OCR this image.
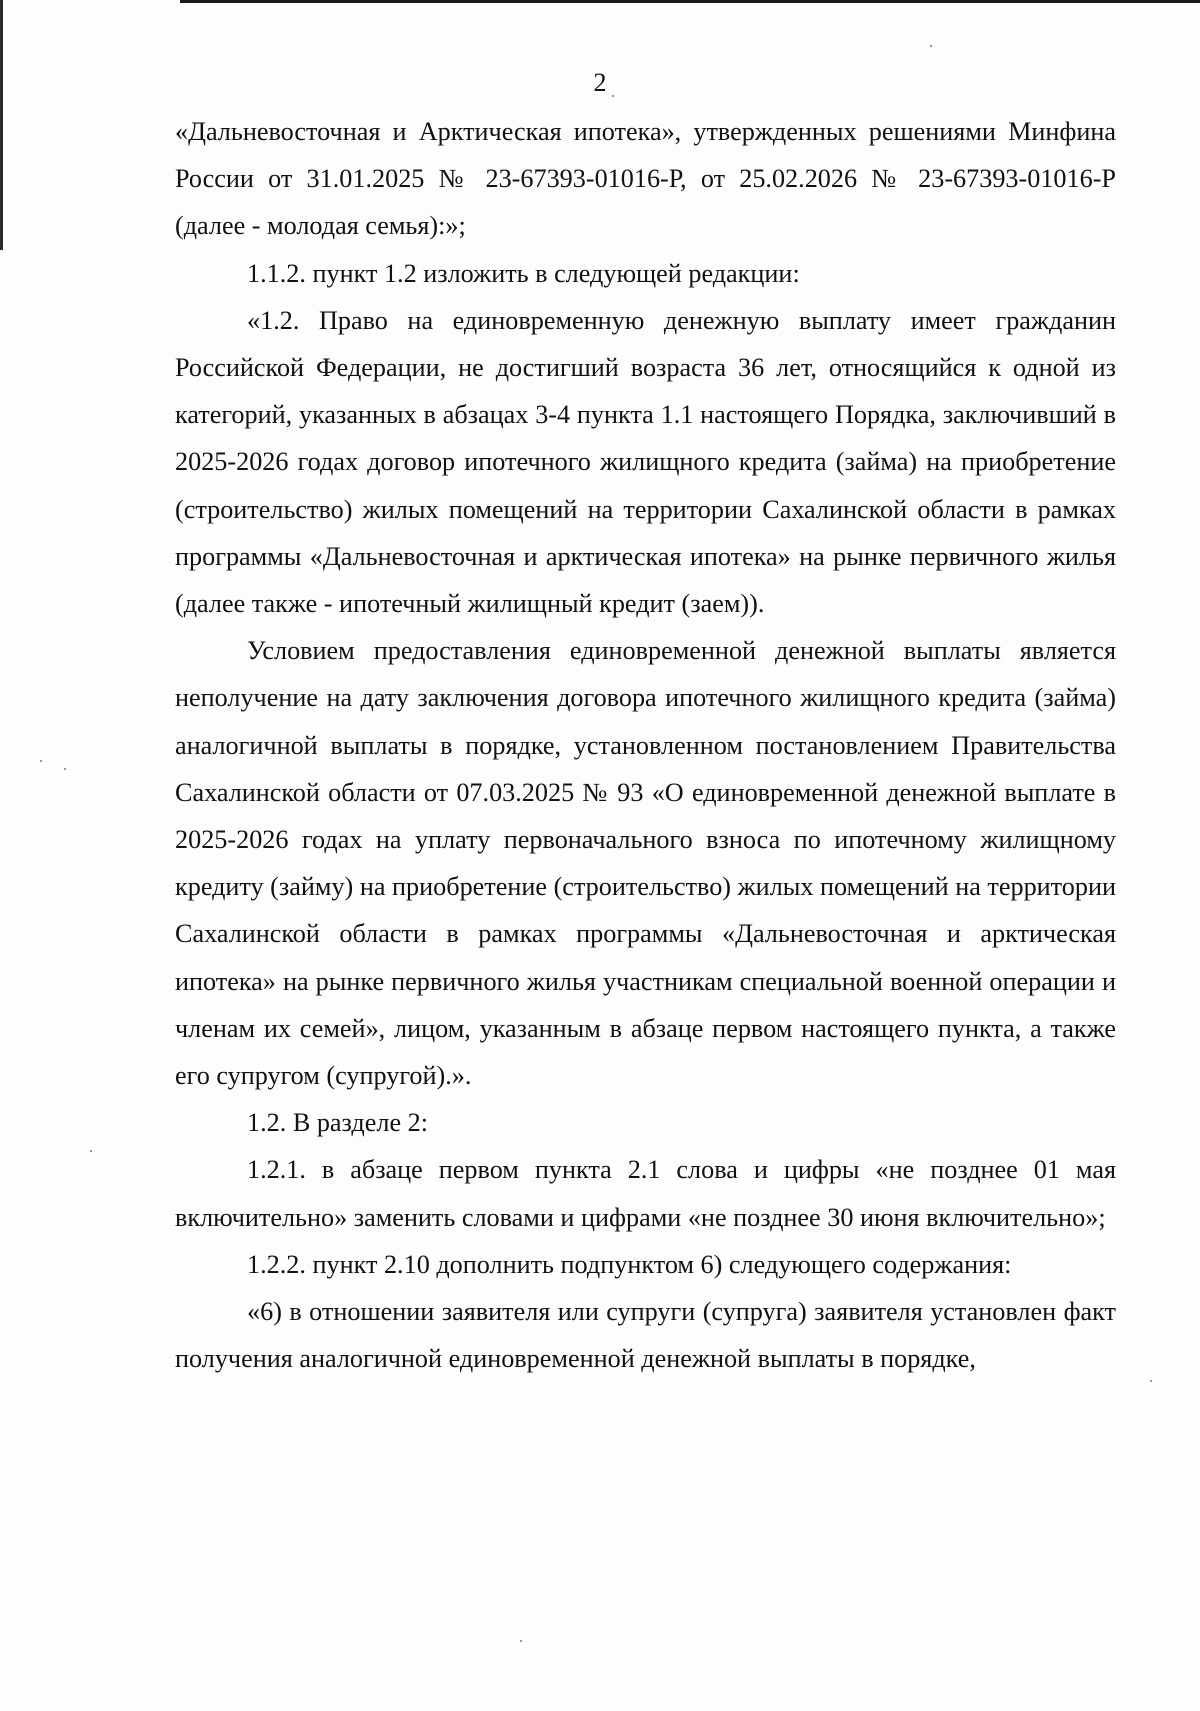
2

«Дальневосточная и Арктическая ипотека», утвержденных решениями Минфина России от 31.01.2025 № 23-67393-01016-Р, от 25.02.2026 № 23-67393-01016-Р (далее - молодая семья):»;

1.1.2. пункт 1.2 изложить в следующей редакции:

«1.2. Право на единовременную денежную выплату имеет гражданин Российской Федерации, не достигший возраста 36 лет, относящийся к одной из категорий, указанных в абзацах 3-4 пункта 1.1 настоящего Порядка, заключивший в 2025-2026 годах договор ипотечного жилищного кредита (займа) на приобретение (строительство) жилых помещений на территории Сахалинской области в рамках программы «Дальневосточная и арктическая ипотека» на рынке первичного жилья (далее также - ипотечный жилищный кредит (заем)).

Условием предоставления единовременной денежной выплаты является неполучение на дату заключения договора ипотечного жилищного кредита (займа) аналогичной выплаты в порядке, установленном постановлением Правительства Сахалинской области от 07.03.2025 № 93 «О единовременной денежной выплате в 2025-2026 годах на уплату первоначального взноса по ипотечному жилищному кредиту (займу) на приобретение (строительство) жилых помещений на территории Сахалинской области в рамках программы «Дальневосточная и арктическая ипотека» на рынке первичного жилья участникам специальной военной операции и членам их семей», лицом, указанным в абзаце первом настоящего пункта, а также его супругом (супругой).».

1.2. В разделе 2:

1.2.1. в абзаце первом пункта 2.1 слова и цифры «не позднее 01 мая включительно» заменить словами и цифрами «не позднее 30 июня включительно»;

1.2.2. пункт 2.10 дополнить подпунктом 6) следующего содержания:

«6) в отношении заявителя или супруги (супруга) заявителя установлен факт получения аналогичной единовременной денежной выплаты в порядке,
